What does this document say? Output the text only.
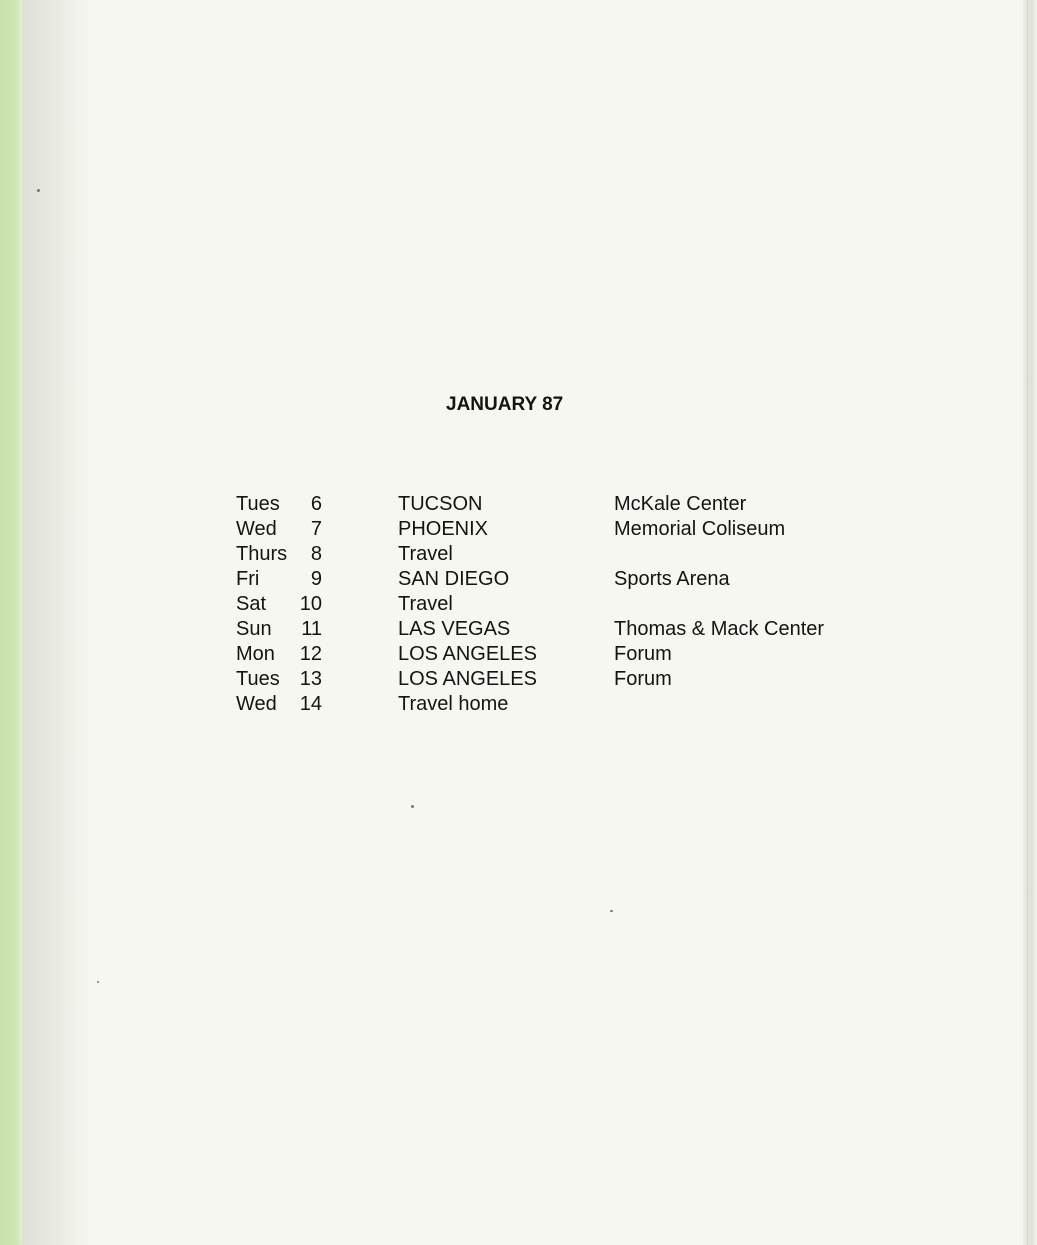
JANUARY 87
Tues	6	TUCSON	McKale Center
Wed	7	PHOENIX	Memorial Coliseum
Thurs	8	Travel
Fri	9	SAN DIEGO	Sports Arena
Sat 10	Travel
Sun 11	LAS VEGAS	Thomas & Mack Center
Mon 12	LOS ANGELES	Forum
Tues 13	LOS ANGELES	Forum
Wed 14	Travel home
